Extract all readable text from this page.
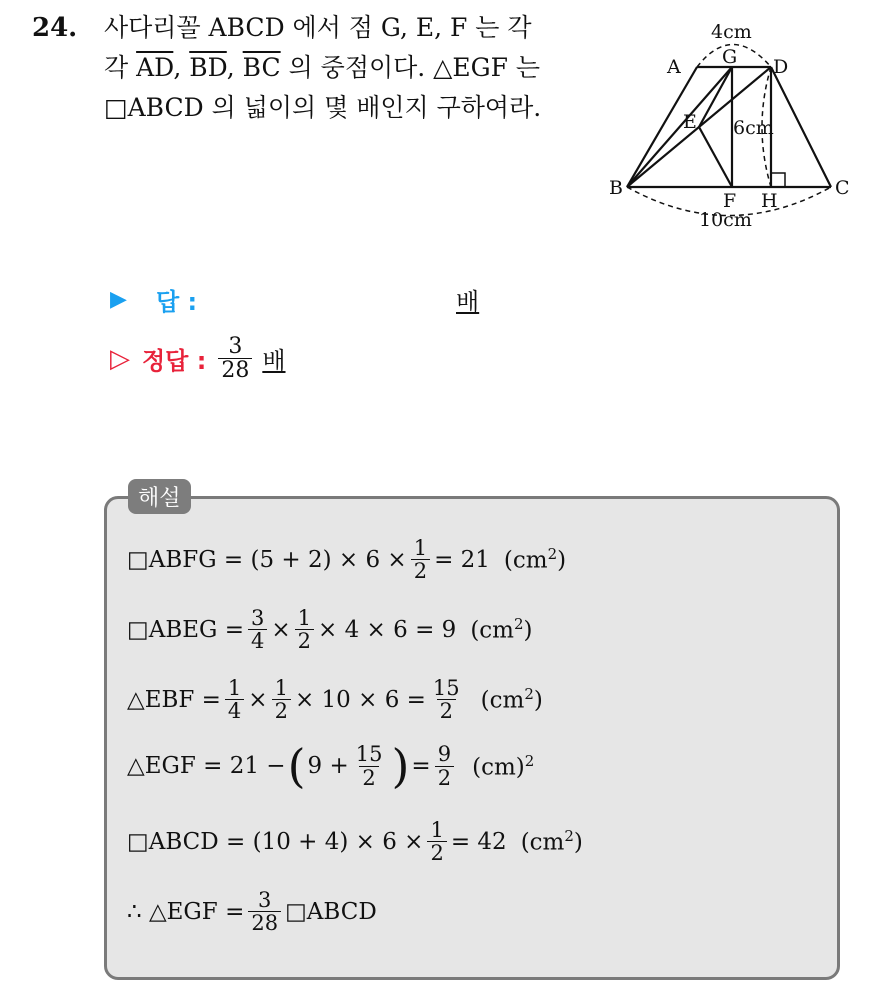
24. 사다리꼴 ABCD 에서 점 G, E, F 는 각
각 $\overline{AD}$, $\overline{BD}$, $\overline{BC}$ 의 중점이다. △EGF 는
□ABCD 의 넓이의 몇 배인지 구하여라.
A G D
E
B
F H
C
4cm
6cm
10cm
▶	답 :	배
▷ 정답 : $\frac{3}{28}$ 배
해설
□ABFG = $(5 + 2) \times 6 \times \frac{1}{2} = 21$ $(cm^2)$
□ABEG = $\frac{3}{4} \times \frac{1}{2} \times 4 \times 6 = 9$ $(cm^2)$
△EBF = $\frac{1}{4} \times \frac{1}{2} \times 10 \times 6 = \frac{15}{2} (cm^2)$
△EGF = 21 − ( $9 + \frac{15}{2}$ ) = $\frac{9}{2} (cm)^2$
□ABCD = $(10 + 4) \times 6 \times \frac{1}{2} = 42$ $(cm^2)$
∴ △EGF = $\frac{3}{28}$ □ABCD
